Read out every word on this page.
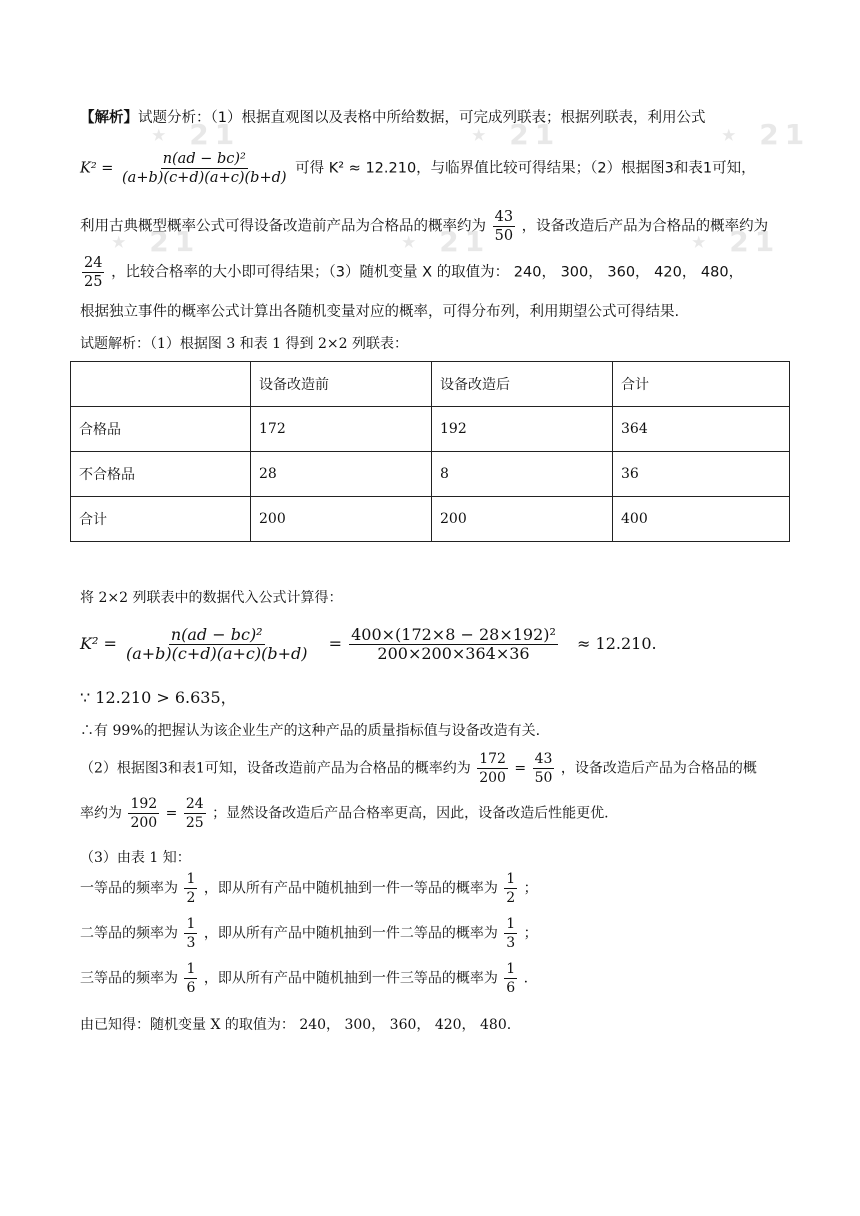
⋆ 21	⋆ 21	⋆ 21
⋆ 21	⋆ 21	⋆ 21
【解析】试题分析：（1）根据直观图以及表格中所给数据，可完成列联表；根据列联表，利用公式
$K^2 = \frac{\text{n(ad − bc)²}}{(a+b)(c+d)(a+c)(b+d)}$ 可得 K² ≈ 12.210，与临界值比较可得结果；（2）根据图3和表1可知，
利用古典概型概率公式可得设备改造前产品为合格品的概率约为 $\frac{43}{50}$ ，设备改造后产品为合格品的概率约为
$\frac{24}{25}$ ，比较合格率的大小即可得结果；（3）随机变量 X 的取值为： 240， 300， 360， 420， 480，
根据独立事件的概率公式计算出各随机变量对应的概率，可得分布列，利用期望公式可得结果.
试题解析：（1）根据图 3 和表 1 得到 2×2 列联表：
	设备改造前	设备改造后	合计
合格品	172	192	364
不合格品	28	8	36
合计	200	200	400
将 2×2 列联表中的数据代入公式计算得：
$K^2 = \frac{\text{n(ad − bc)²}}{(a+b)(c+d)(a+c)(b+d)} = \frac{\text{400×(172×8 − 28×192)²}}{200\times 200\times 364\times 36} \approx 12.210$.
∵ 12.210 > 6.635，
∴有 99%的把握认为该企业生产的这种产品的质量指标值与设备改造有关.
（2）根据图3和表1可知，设备改造前产品为合格品的概率约为 $\frac{172}{200} = \frac{43}{50}$ ，设备改造后产品为合格品的概
率约为 $\frac{192}{200} = \frac{24}{25}$ ；显然设备改造后产品合格率更高，因此，设备改造后性能更优.
（3）由表 1 知：
一等品的频率为 $\frac{1}{2}$ ，即从所有产品中随机抽到一件一等品的概率为 $\frac{1}{2}$ ；
二等品的频率为 $\frac{1}{3}$ ，即从所有产品中随机抽到一件二等品的概率为 $\frac{1}{3}$ ；
三等品的频率为 $\frac{1}{6}$ ，即从所有产品中随机抽到一件三等品的概率为 $\frac{1}{6}$ .
由已知得：随机变量 X 的取值为： 240， 300， 360， 420， 480.
